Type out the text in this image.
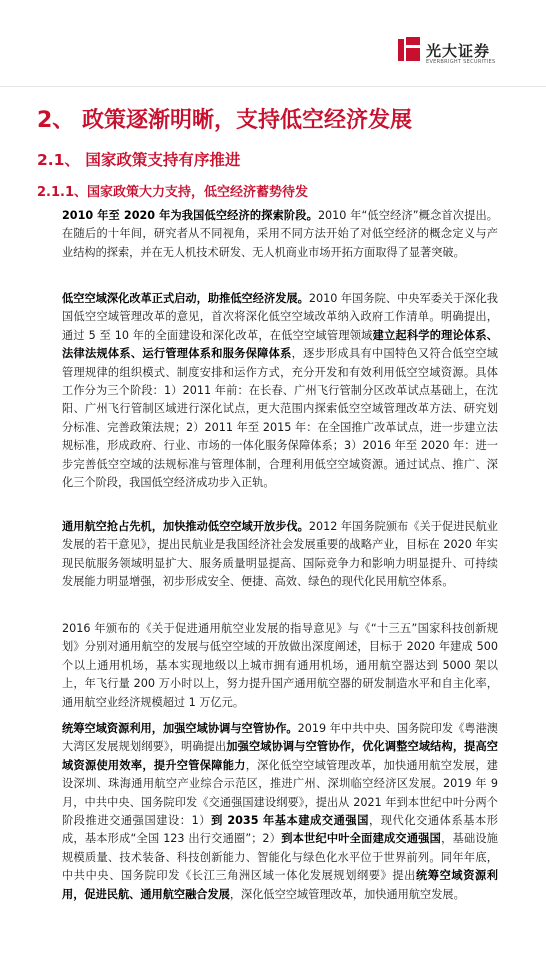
光大证券
EVERBRIGHT SECURITIES
2、 政策逐渐明晰，支持低空经济发展
2.1、 国家政策支持有序推进
2.1.1、国家政策大力支持，低空经济蓄势待发
2010 年至 2020 年为我国低空经济的探索阶段。2010 年“低空经济”概念首次提出。在随后的十年间，研究者从不同视角，采用不同方法开始了对低空经济的概念定义与产业结构的探索，并在无人机技术研发、无人机商业市场开拓方面取得了显著突破。
低空空域深化改革正式启动，助推低空经济发展。2010 年国务院、中央军委关于深化我国低空空域管理改革的意见，首次将深化低空空域改革纳入政府工作清单。明确提出，通过 5 至 10 年的全面建设和深化改革，在低空空域管理领域建立起科学的理论体系、法律法规体系、运行管理体系和服务保障体系，逐步形成具有中国特色又符合低空空域管理规律的组织模式、制度安排和运作方式，充分开发和有效利用低空空域资源。具体工作分为三个阶段：1）2011 年前：在长春、广州飞行管制分区改革试点基础上，在沈阳、广州飞行管制区域进行深化试点，更大范围内探索低空空域管理改革方法、研究划分标准、完善政策法规；2）2011 年至 2015 年：在全国推广改革试点，进一步建立法规标准，形成政府、行业、市场的一体化服务保障体系；3）2016 年至 2020 年：进一步完善低空空域的法规标准与管理体制，合理利用低空空域资源。通过试点、推广、深化三个阶段，我国低空经济成功步入正轨。
通用航空抢占先机，加快推动低空空域开放步伐。2012 年国务院颁布《关于促进民航业发展的若干意见》，提出民航业是我国经济社会发展重要的战略产业，目标在 2020 年实现民航服务领域明显扩大、服务质量明显提高、国际竞争力和影响力明显提升、可持续发展能力明显增强，初步形成安全、便捷、高效、绿色的现代化民用航空体系。
2016 年颁布的《关于促进通用航空业发展的指导意见》与《“十三五”国家科技创新规划》分别对通用航空的发展与低空空域的开放做出深度阐述，目标于 2020 年建成 500 个以上通用机场，基本实现地级以上城市拥有通用机场，通用航空器达到 5000 架以上，年飞行量 200 万小时以上，努力提升国产通用航空器的研发制造水平和自主化率，通用航空业经济规模超过 1 万亿元。
统筹空域资源利用，加强空域协调与空管协作。2019 年中共中央、国务院印发《粤港澳大湾区发展规划纲要》，明确提出加强空域协调与空管协作，优化调整空域结构，提高空域资源使用效率，提升空管保障能力，深化低空空域管理改革，加快通用航空发展，建设深圳、珠海通用航空产业综合示范区，推进广州、深圳临空经济区发展。2019 年 9 月，中共中央、国务院印发《交通强国建设纲要》，提出从 2021 年到本世纪中叶分两个阶段推进交通强国建设：1）到 2035 年基本建成交通强国，现代化交通体系基本形成，基本形成“全国 123 出行交通圈”；2）到本世纪中叶全面建成交通强国，基础设施规模质量、技术装备、科技创新能力、智能化与绿色化水平位于世界前列。同年年底，中共中央、国务院印发《长江三角洲区域一体化发展规划纲要》提出统筹空域资源利用，促进民航、通用航空融合发展，深化低空空域管理改革，加快通用航空发展。
